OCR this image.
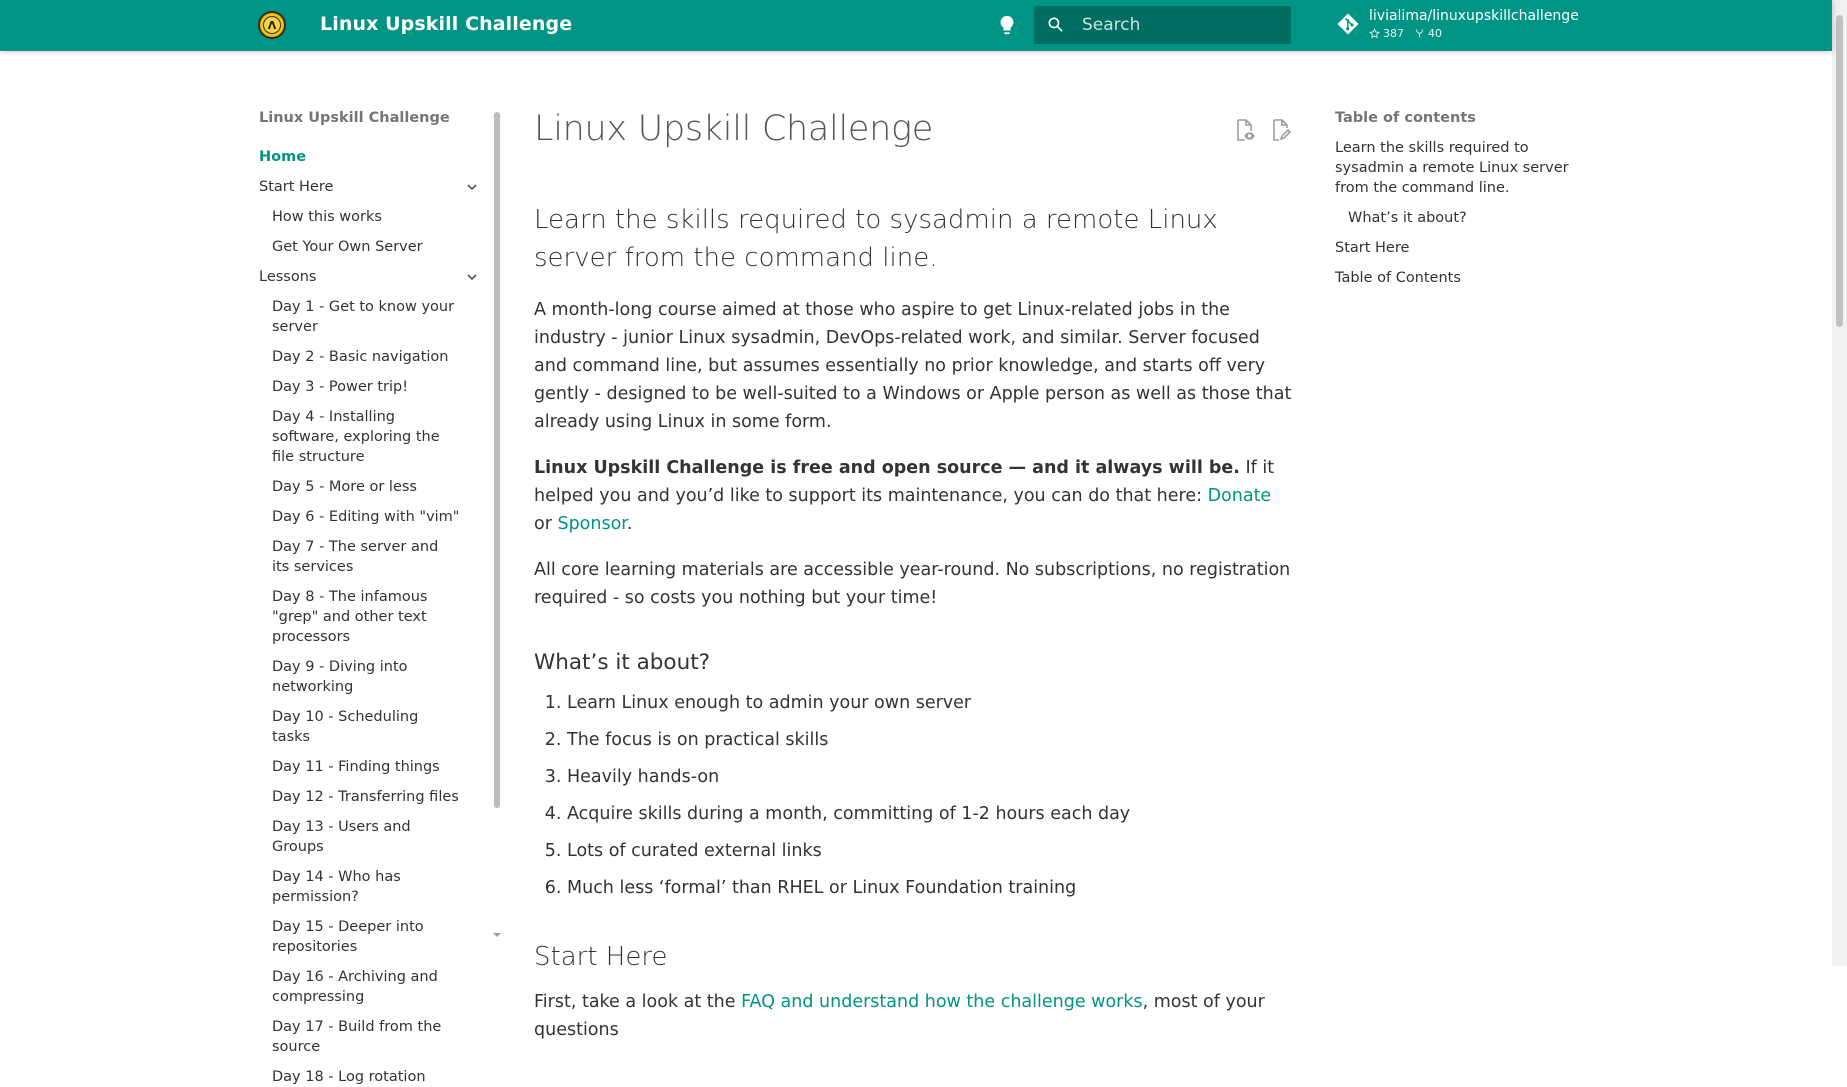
Λ Linux Upskill Challenge
Search	livialima/linuxupskillchallenge
387 40
Linux Upskill Challenge
Home
Start Here
How this works
Get Your Own Server
Lessons
Day 1 - Get to know your server
Day 2 - Basic navigation
Day 3 - Power trip!
Day 4 - Installing software, exploring the file structure
Day 5 - More or less
Day 6 - Editing with "vim"
Day 7 - The server and its services
Day 8 - The infamous "grep" and other text processors
Day 9 - Diving into networking
Day 10 - Scheduling tasks
Day 11 - Finding things
Day 12 - Transferring files
Day 13 - Users and Groups
Day 14 - Who has permission?
Day 15 - Deeper into repositories
Day 16 - Archiving and compressing
Day 17 - Build from the source
Day 18 - Log rotation
Linux Upskill Challenge
Learn the skills required to sysadmin a remote Linux server from the command line.

A month-long course aimed at those who aspire to get Linux-related jobs in the industry - junior Linux sysadmin, DevOps-related work, and similar. Server focused and command line, but assumes essentially no prior knowledge, and starts off very gently - designed to be well-suited to a Windows or Apple person as well as those that already using Linux in some form.

Linux Upskill Challenge is free and open source — and it always will be. If it helped you and you’d like to support its maintenance, you can do that here: Donate or Sponsor.

All core learning materials are accessible year-round. No subscriptions, no registration required - so costs you nothing but your time!

What’s it about?
1. Learn Linux enough to admin your own server
2. The focus is on practical skills
3. Heavily hands-on
4. Acquire skills during a month, committing of 1-2 hours each day
5. Lots of curated external links
6. Much less ‘formal’ than RHEL or Linux Foundation training
Start Here

First, take a look at the FAQ and understand how the challenge works, most of your questions

Table of contents
Learn the skills required to sysadmin a remote Linux server from the command line.
What’s it about?
Start Here
Table of Contents
